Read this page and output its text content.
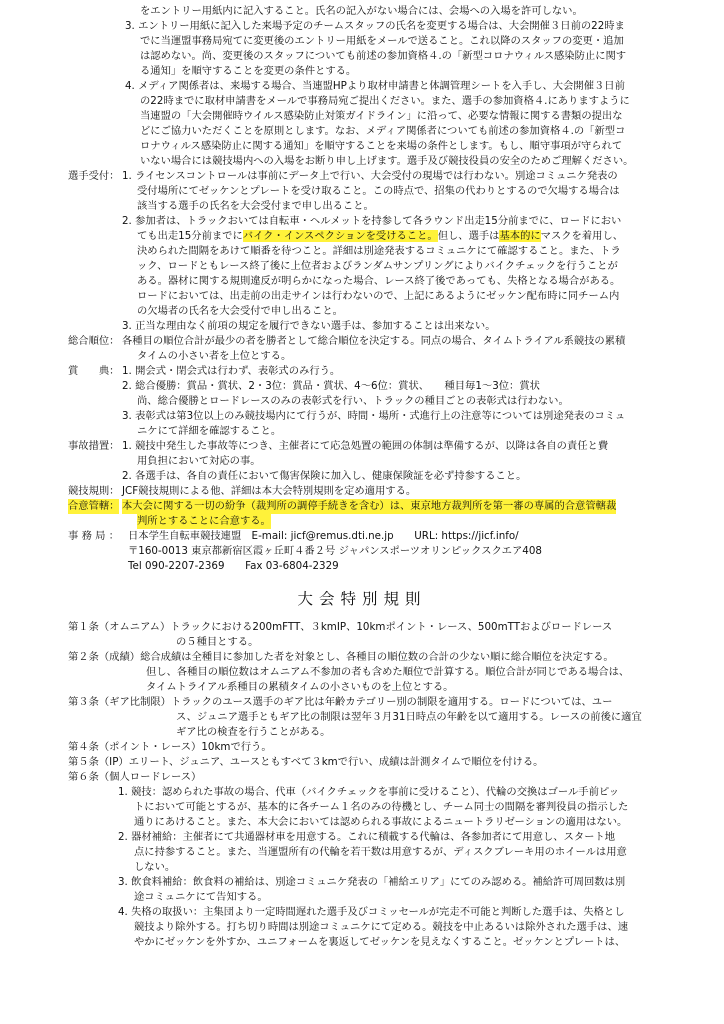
をエントリー用紙内に記入すること。氏名の記入がない場合には、会場への入場を許可しない。
3. エントリー用紙に記入した来場予定のチームスタッフの氏名を変更する場合は、大会開催３日前の22時ま
でに当運盟事務局宛てに変更後のエントリー用紙をメールで送ること。これ以降のスタッフの変更・追加
は認めない。尚、変更後のスタッフについても前述の参加資格４.の「新型コロナウィルス感染防止に関す
る通知」を順守することを変更の条件とする。
4. メディア関係者は、来場する場合、当連盟HPより取材申請書と体調管理シートを入手し、大会開催３日前
の22時までに取材申請書をメールで事務局宛ご提出ください。また、選手の参加資格４.にありますように
当連盟の「大会開催時ウイルス感染防止対策ガイドライン」に沿って、必要な情報に関する書類の提出な
どにご協力いただくことを原則とします。なお、メディア関係者についても前述の参加資格４.の「新型コ
ロナウィルス感染防止に関する通知」を順守することを来場の条件とします。もし、順守事項が守られて
いない場合には競技場内への入場をお断り申し上げます。選手及び競技役員の安全のためご理解ください。
選手受付： 1. ライセンスコントロールは事前にデータ上で行い、大会受付の現場では行わない。別途コミュニケ発表の
受付場所にてゼッケンとプレートを受け取ること。この時点で、招集の代わりとするので欠場する場合は
該当する選手の氏名を大会受付まで申し出ること。
2. 参加者は、トラックおいては自転車・ヘルメットを持参して各ラウンド出走15分前までに、ロードにおい
ても出走15分前までにバイク・インスペクションを受けること。但し、選手は基本的にマスクを着用し、
決められた間隔をあけて順番を待つこと。詳細は別途発表するコミュニケにて確認すること。また、トラ
ック、ロードともレース終了後に上位者およびランダムサンプリングによりバイクチェックを行うことが
ある。器材に関する規則違反が明らかになった場合、レース終了後であっても、失格となる場合がある。
ロードにおいては、出走前の出走サインは行わないので、上記にあるようにゼッケン配布時に同チーム内
の欠場者の氏名を大会受付で申し出ること。
3. 正当な理由なく前項の規定を履行できない選手は、参加することは出来ない。
総合順位： 各種目の順位合計が最少の者を勝者として総合順位を決定する。同点の場合、タイムトライアル系競技の累積
タイムの小さい者を上位とする。
賞　　典： 1. 開会式・閉会式は行わず、表彰式のみ行う。
2. 総合優勝：賞品・賞状、2・3位：賞品・賞状、4～6位：賞状、　　種目毎1～3位：賞状
尚、総合優勝とロードレースのみの表彰式を行い、トラックの種目ごとの表彰式は行わない。
3. 表彰式は第3位以上のみ競技場内にて行うが、時間・場所・式進行上の注意等については別途発表のコミュ
ニケにて詳細を確認すること。
事故措置： 1. 競技中発生した事故等につき、主催者にて応急処置の範囲の体制は準備するが、以降は各自の責任と費
用負担において対応の事。
2. 各選手は、各自の責任において傷害保険に加入し、健康保険証を必ず持参すること。
競技規則： JCF競技規則による他、詳細は本大会特別規則を定め適用する。
合意管轄： 本大会に関する一切の紛争（裁判所の調停手続きを含む）は、東京地方裁判所を第一審の専属的合意管轄裁
判所とすることに合意する。
事 務 局 ： 日本学生自転車競技連盟　E-mail: jicf@remus.dti.ne.jp　　URL: https://jicf.info/
〒160-0013 東京都新宿区霞ヶ丘町４番２号 ジャパンスポーツオリンピックスクエア408
Tel 090-2207-2369　　Fax 03-6804-2329
大会特別規則
第１条（オムニアム）トラックにおける200mFTT、３kmIP、10kmポイント・レース、500mTTおよびロードレース
の５種目とする。
第２条（成績）総合成績は全種目に参加した者を対象とし、各種目の順位数の合計の少ない順に総合順位を決定する。
但し、各種目の順位数はオムニアム不参加の者も含めた順位で計算する。順位合計が同じである場合は、
タイムトライアル系種目の累積タイムの小さいものを上位とする。
第３条（ギア比制限）トラックのユース選手のギア比は年齢カテゴリー別の制限を適用する。ロードについては、ユー
ス、ジュニア選手ともギア比の制限は翌年３月31日時点の年齢を以て適用する。レースの前後に適宜
ギア比の検査を行うことがある。
第４条（ポイント・レース）10kmで行う。
第５条（IP）エリート、ジュニア、ユースともすべて３kmで行い、成績は計測タイムで順位を付ける。
第６条（個人ロードレース）
1. 競技：認められた事故の場合、代車（バイクチェックを事前に受けること）、代輪の交換はゴール手前ピッ
トにおいて可能とするが、基本的に各チーム１名のみの待機とし、チーム同士の間隔を審判役員の指示した
通りにあけること。また、本大会においては認められる事故によるニュートラリゼーションの適用はない。
2. 器材補給：主催者にて共通器材車を用意する。これに積載する代輪は、各参加者にて用意し、スタート地
点に持参すること。また、当運盟所有の代輪を若干数は用意するが、ディスクブレーキ用のホイールは用意
しない。
3. 飲食料補給：飲食料の補給は、別途コミュニケ発表の「補給エリア」にてのみ認める。補給許可周回数は別
途コミュニケにて告知する。
4. 失格の取扱い：主集団より一定時間遅れた選手及びコミッセールが完走不可能と判断した選手は、失格とし
競技より除外する。打ち切り時間は別途コミュニケにて定める。競技を中止あるいは除外された選手は、速
やかにゼッケンを外すか、ユニフォームを裏返してゼッケンを見えなくすること。ゼッケンとプレートは、
